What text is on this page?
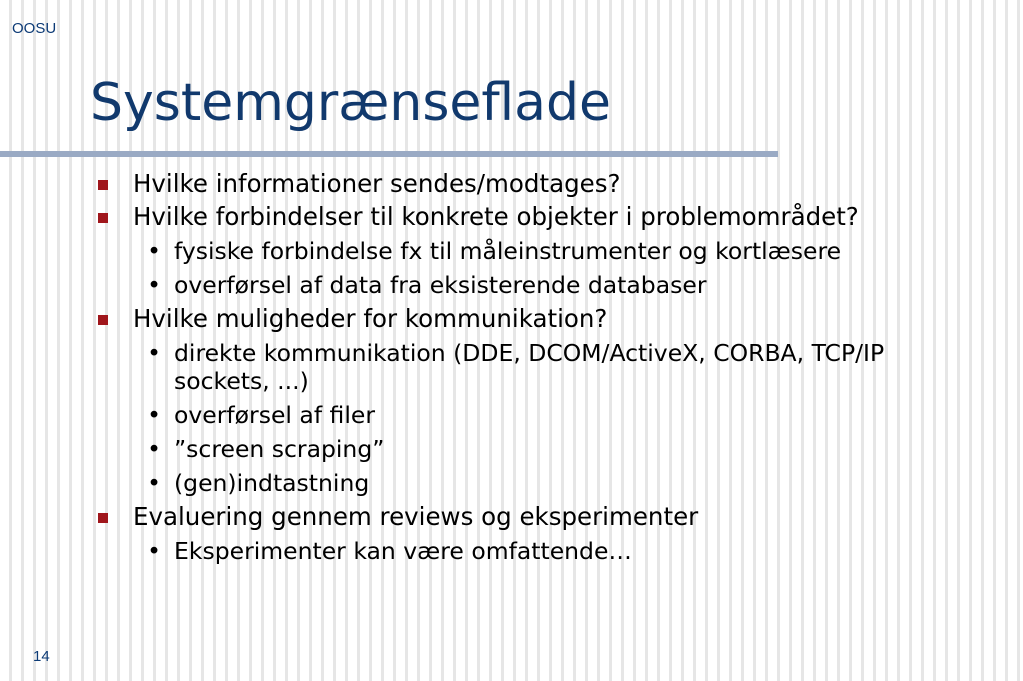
OOSU
Systemgrænseflade
Hvilke informationer sendes/modtages?
Hvilke forbindelser til konkrete objekter i problemområdet?
• fysiske forbindelse fx til måleinstrumenter og kortlæsere
• overførsel af data fra eksisterende databaser
Hvilke muligheder for kommunikation?
• direkte kommunikation (DDE, DCOM/ActiveX, CORBA, TCP/IP sockets, ...)
• overførsel af filer
• ”screen scraping”
• (gen)indtastning
Evaluering gennem reviews og eksperimenter
• Eksperimenter kan være omfattende…
14
